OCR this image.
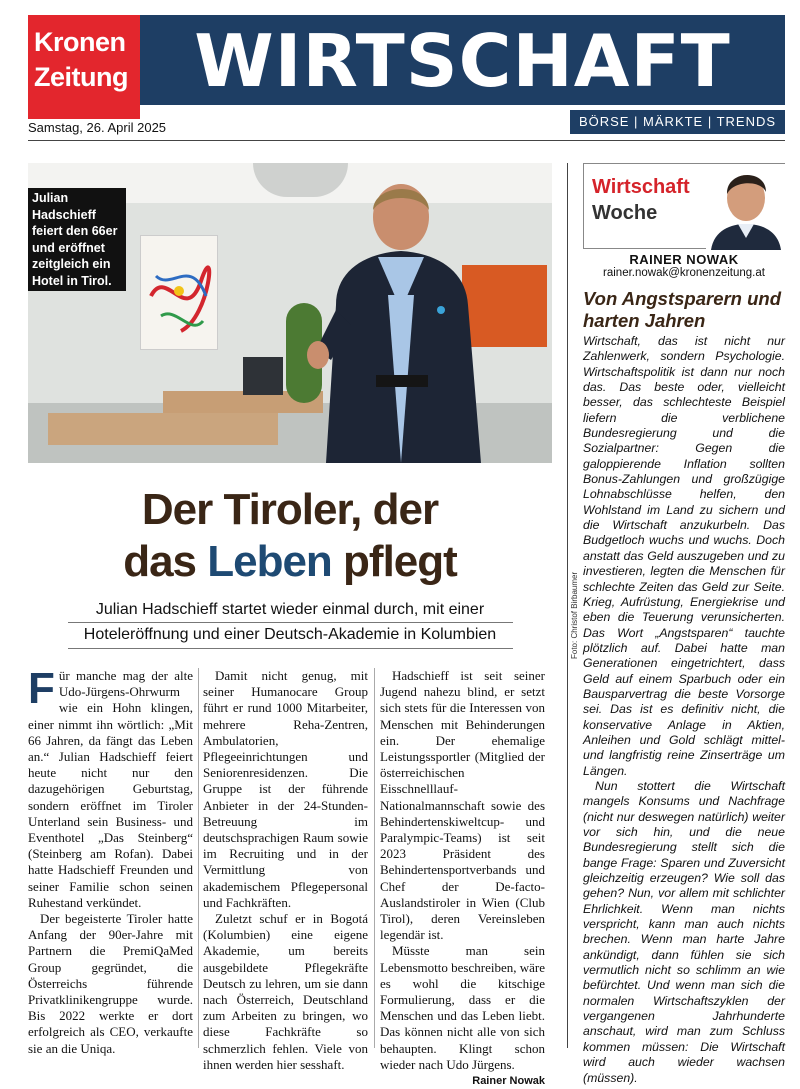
Kronen
Zeitung WIRTSCHAFT
BÖRSE | MÄRKTE | TRENDS
Samstag, 26. April 2025
Julian Hadschieff feiert den 66er und eröffnet zeitgleich ein Hotel in Tirol.
Foto: Christof Birbaumer
Der Tiroler, der
das Leben pflegt
Julian Hadschieff startet wieder einmal durch, mit einer
Hoteleröffnung und einer Deutsch-Akademie in Kolumbien

Für manche mag der alte Udo-Jürgens-Ohrwurm wie ein Hohn klingen, einer nimmt ihn wörtlich: „Mit 66 Jahren, da fängt das Leben an.“ Julian Hadschieff feiert heute nicht nur den dazugehörigen Geburtstag, sondern eröffnet im Tiroler Unterland sein Business- und Eventhotel „Das Steinberg“ (Steinberg am Rofan). Dabei hatte Hadschieff Freunden und seiner Familie schon seinen Ruhestand verkündet.

Der begeisterte Tiroler hatte Anfang der 90er-Jahre mit Partnern die PremiQaMed Group gegründet, die Österreichs führende Privatklinikengruppe wurde. Bis 2022 werkte er dort erfolgreich als CEO, verkaufte sie an die Uniqa.

Damit nicht genug, mit seiner Humanocare Group führt er rund 1000 Mitarbeiter, mehrere Reha-Zentren, Ambulatorien, Pflegeeinrichtungen und Seniorenresidenzen. Die Gruppe ist der führende Anbieter in der 24-Stunden-Betreuung im deutschsprachigen Raum sowie im Recruiting und in der Vermittlung von akademischem Pflegepersonal und Fachkräften.

Zuletzt schuf er in Bogotá (Kolumbien) eine eigene Akademie, um bereits ausgebildete Pflegekräfte Deutsch zu lehren, um sie dann nach Österreich, Deutschland zum Arbeiten zu bringen, wo diese Fachkräfte so schmerzlich fehlen. Viele von ihnen werden hier sesshaft.

Hadschieff ist seit seiner Jugend nahezu blind, er setzt sich stets für die Interessen von Menschen mit Behinderungen ein. Der ehemalige Leistungssportler (Mitglied der österreichischen Eisschnelllauf-Nationalmannschaft sowie des Behindertenskiweltcup- und Paralympic-Teams) ist seit 2023 Präsident des Behindertensportverbands und Chef der De-facto-Auslandstiroler in Wien (Club Tirol), deren Vereinsleben legendär ist.

Müsste man sein Lebensmotto beschreiben, wäre es wohl die kitschige Formulierung, dass er die Menschen und das Leben liebt. Das können nicht alle von sich behaupten. Klingt schon wieder nach Udo Jürgens.
Rainer Nowak

Wirtschaft
Woche
RAINER NOWAK
rainer.nowak@kronenzeitung.at
Von Angstsparern und harten Jahren

Wirtschaft, das ist nicht nur Zahlenwerk, sondern Psychologie. Wirtschaftspolitik ist dann nur noch das. Das beste oder, vielleicht besser, das schlechteste Beispiel liefern die verblichene Bundesregierung und die Sozialpartner: Gegen die galoppierende Inflation sollten Bonus-Zahlungen und großzügige Lohnabschlüsse helfen, den Wohlstand im Land zu sichern und die Wirtschaft anzukurbeln. Das Budgetloch wuchs und wuchs. Doch anstatt das Geld auszugeben und zu investieren, legten die Menschen für schlechte Zeiten das Geld zur Seite. Krieg, Aufrüstung, Energiekrise und eben die Teuerung verunsicherten. Das Wort „Angstsparen“ tauchte plötzlich auf. Dabei hatte man Generationen eingetrichtert, dass Geld auf einem Sparbuch oder ein Bausparvertrag die beste Vorsorge sei. Das ist es definitiv nicht, die konservative Anlage in Aktien, Anleihen und Gold schlägt mittel- und langfristig reine Zinserträge um Längen.

Nun stottert die Wirtschaft mangels Konsums und Nachfrage (nicht nur deswegen natürlich) weiter vor sich hin, und die neue Bundesregierung stellt sich die bange Frage: Sparen und Zuversicht gleichzeitig erzeugen? Wie soll das gehen? Nun, vor allem mit schlichter Ehrlichkeit. Wenn man nichts verspricht, kann man auch nichts brechen. Wenn man harte Jahre ankündigt, dann fühlen sie sich vermutlich nicht so schlimm an wie befürchtet. Und wenn man sich die normalen Wirtschaftszyklen der vergangenen Jahrhunderte anschaut, wird man zum Schluss kommen müssen: Die Wirtschaft wird auch wieder wachsen (müssen).
